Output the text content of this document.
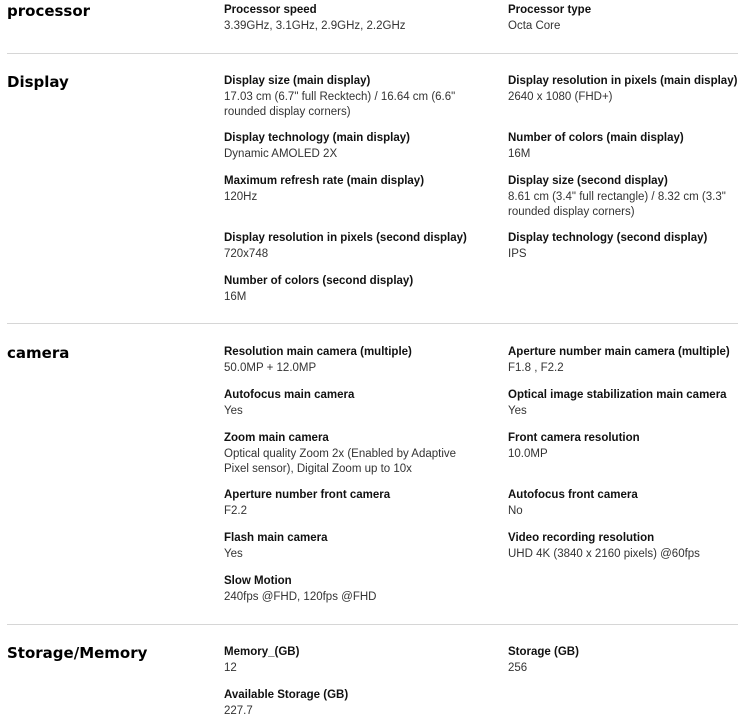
processor	Processor speed
3.39GHz, 3.1GHz, 2.9GHz, 2.2GHz
Processor type
Octa Core
Display	Display size (main display)
17.03 cm (6.7" full Recktech) / 16.64 cm (6.6" rounded display corners)
Display resolution in pixels (main display)
2640 x 1080 (FHD+)
Display technology (main display)
Dynamic AMOLED 2X
Number of colors (main display)
16M
Maximum refresh rate (main display)
120Hz
Display size (second display)
8.61 cm (3.4" full rectangle) / 8.32 cm (3.3" rounded display corners)
Display resolution in pixels (second display)
720x748
Display technology (second display)
IPS
Number of colors (second display)
16M
camera	Resolution main camera (multiple)
50.0MP + 12.0MP
Aperture number main camera (multiple)
F1.8 , F2.2
Autofocus main camera
Yes
Optical image stabilization main camera
Yes
Zoom main camera
Optical quality Zoom 2x (Enabled by Adaptive Pixel sensor), Digital Zoom up to 10x
Front camera resolution
10.0MP
Aperture number front camera
F2.2
Autofocus front camera
No
Flash main camera
Yes
Video recording resolution
UHD 4K (3840 x 2160 pixels) @60fps
Slow Motion
240fps @FHD, 120fps @FHD
Storage/Memory	Memory_(GB)
12
Storage (GB)
256
Available Storage (GB)
227.7
